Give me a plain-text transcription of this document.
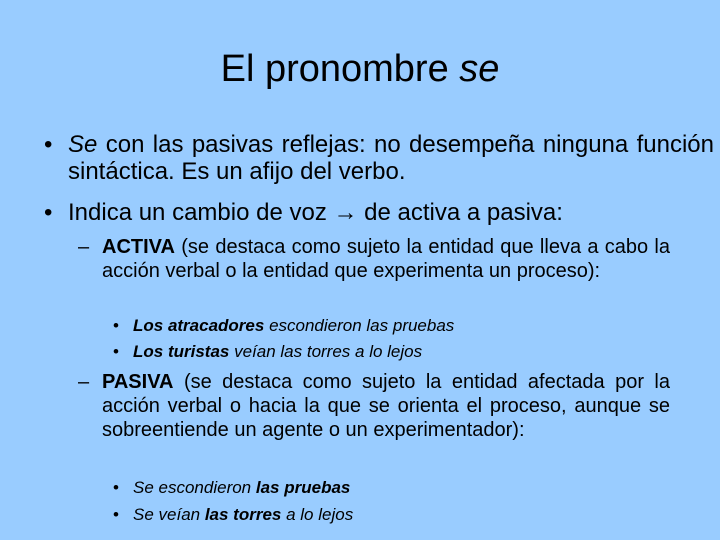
El pronombre se
• Se con las pasivas reflejas: no desempeña ninguna función sintáctica. Es un afijo del verbo.
• Indica un cambio de voz → de activa a pasiva:
– ACTIVA (se destaca como sujeto la entidad que lleva a cabo la acción verbal o la entidad que experimenta un proceso):
• Los atracadores escondieron las pruebas
• Los turistas veían las torres a lo lejos
– PASIVA (se destaca como sujeto la entidad afectada por la acción verbal o hacia la que se orienta el proceso, aunque se sobreentiende un agente o un experimentador):
• Se escondieron las pruebas
• Se veían las torres a lo lejos
